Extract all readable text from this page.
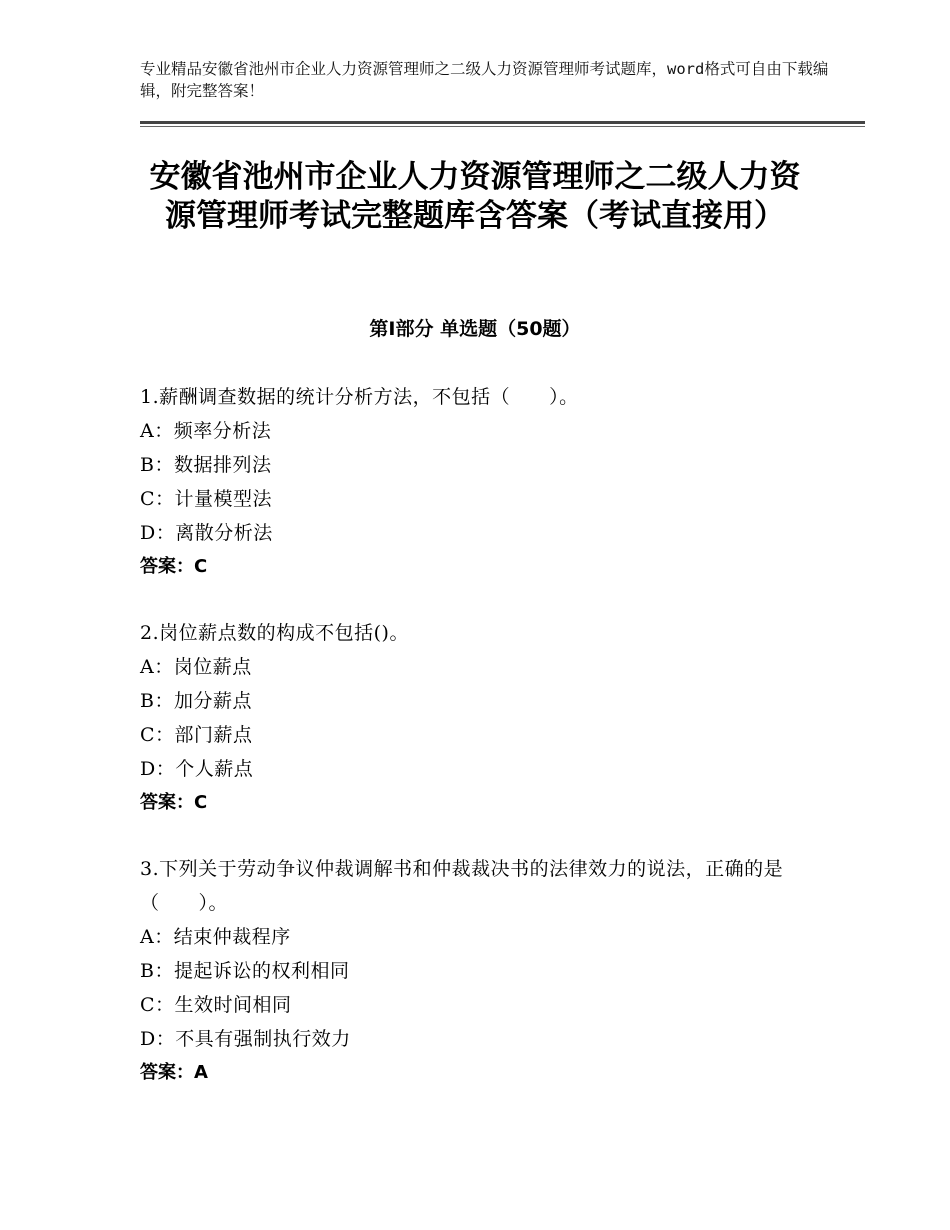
专业精品安徽省池州市企业人力资源管理师之二级人力资源管理师考试题库，word格式可自由下载编辑，附完整答案！
安徽省池州市企业人力资源管理师之二级人力资源管理师考试完整题库含答案（考试直接用）
第Ⅰ部分 单选题（50题）
1.薪酬调查数据的统计分析方法，不包括（　　）。
A：频率分析法
B：数据排列法
C：计量模型法
D：离散分析法
答案：C
2.岗位薪点数的构成不包括()。
A：岗位薪点
B：加分薪点
C：部门薪点
D：个人薪点
答案：C
3.下列关于劳动争议仲裁调解书和仲裁裁决书的法律效力的说法，正确的是（　　）。
A：结束仲裁程序
B：提起诉讼的权利相同
C：生效时间相同
D：不具有强制执行效力
答案：A
